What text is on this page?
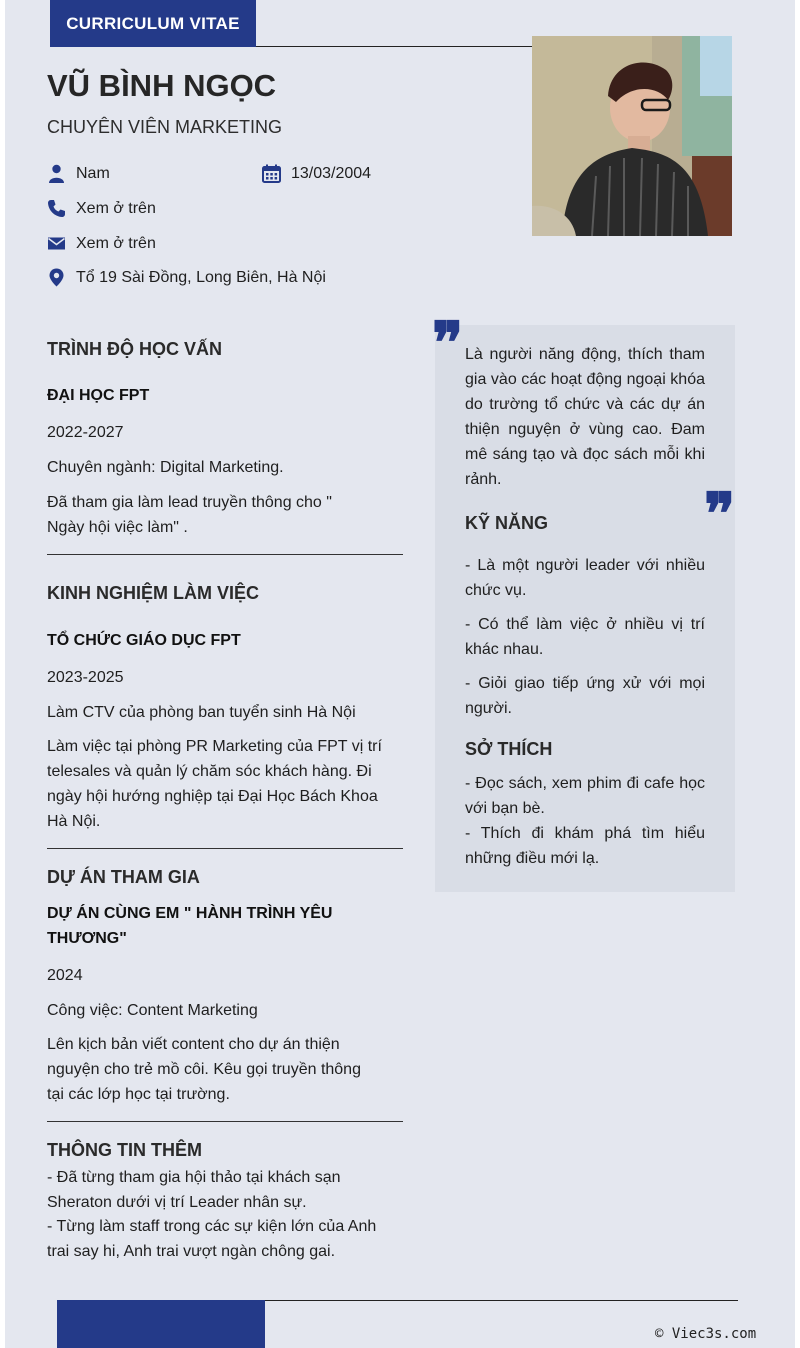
CURRICULUM VITAE
VŨ BÌNH NGỌC
CHUYÊN VIÊN MARKETING
Nam	13/03/2004
Xem ở trên
Xem ở trên
Tổ 19 Sài Đồng, Long Biên, Hà Nội
TRÌNH ĐỘ HỌC VẤN
ĐẠI HỌC FPT
2022-2027
Chuyên ngành: Digital Marketing.
Đã tham gia làm lead truyền thông cho " Ngày hội việc làm" .
KINH NGHIỆM LÀM VIỆC
TỔ CHỨC GIÁO DỤC FPT
2023-2025
Làm CTV của phòng ban tuyển sinh Hà Nội
Làm việc tại phòng PR Marketing của FPT vị trí telesales và quản lý chăm sóc khách hàng. Đi ngày hội hướng nghiệp tại Đại Học Bách Khoa Hà Nội.
DỰ ÁN THAM GIA
DỰ ÁN CÙNG EM " HÀNH TRÌNH YÊU THƯƠNG"
2024
Công việc: Content Marketing
Lên kịch bản viết content cho dự án thiện nguyện cho trẻ mồ côi. Kêu gọi truyền thông tại các lớp học tại trường.
THÔNG TIN THÊM
- Đã từng tham gia hội thảo tại khách sạn Sheraton dưới vị trí Leader nhân sự.
- Từng làm staff trong các sự kiện lớn của Anh trai say hi, Anh trai vượt ngàn chông gai.
❞ Là người năng động, thích tham gia vào các hoạt động ngoại khóa do trường tổ chức và các dự án thiện nguyện ở vùng cao. Đam mê sáng tạo và đọc sách mỗi khi rảnh.
❞
KỸ NĂNG
- Là một người leader với nhiều chức vụ.
- Có thể làm việc ở nhiều vị trí khác nhau.
- Giỏi giao tiếp ứng xử với mọi người.
SỞ THÍCH
- Đọc sách, xem phim đi cafe học với bạn bè.
- Thích đi khám phá tìm hiểu những điều mới lạ.
© Viec3s.com
